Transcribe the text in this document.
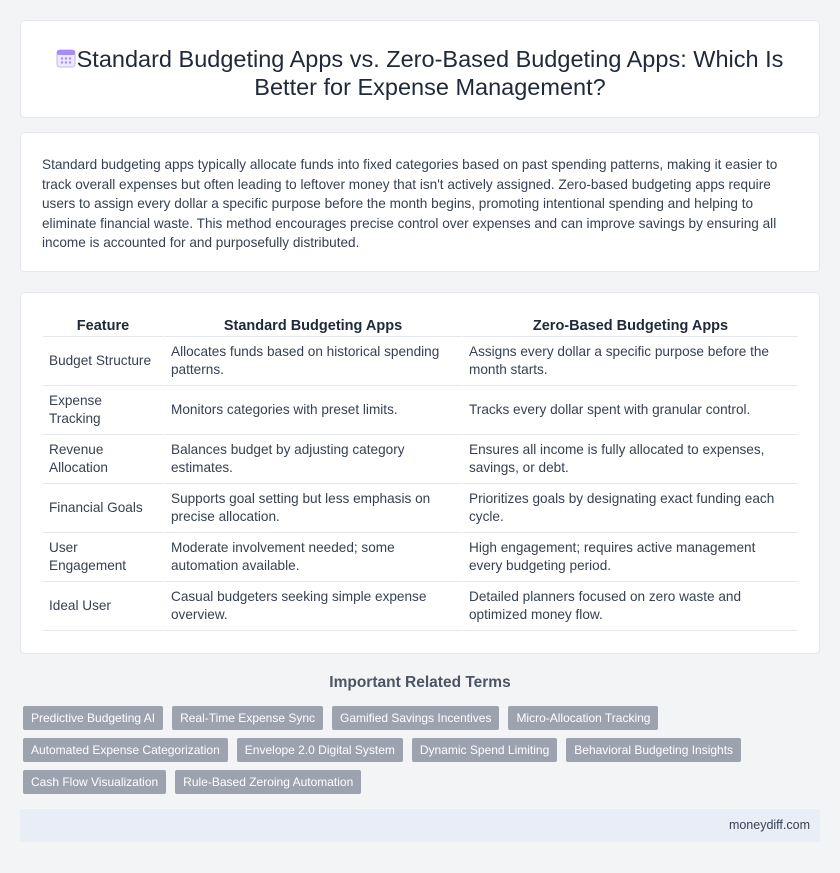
Standard Budgeting Apps vs. Zero-Based Budgeting Apps: Which Is Better for Expense Management?

Standard budgeting apps typically allocate funds into fixed categories based on past spending patterns, making it easier to track overall expenses but often leading to leftover money that isn't actively assigned. Zero-based budgeting apps require users to assign every dollar a specific purpose before the month begins, promoting intentional spending and helping to eliminate financial waste. This method encourages precise control over expenses and can improve savings by ensuring all income is accounted for and purposefully distributed.

Feature	Standard Budgeting Apps	Zero-Based Budgeting Apps
Budget Structure	Allocates funds based on historical spending patterns.	Assigns every dollar a specific purpose before the month starts.
Expense Tracking	Monitors categories with preset limits.	Tracks every dollar spent with granular control.
Revenue Allocation	Balances budget by adjusting category estimates.	Ensures all income is fully allocated to expenses, savings, or debt.
Financial Goals	Supports goal setting but less emphasis on precise allocation.	Prioritizes goals by designating exact funding each cycle.
User Engagement	Moderate involvement needed; some automation available.	High engagement; requires active management every budgeting period.
Ideal User	Casual budgeters seeking simple expense overview.	Detailed planners focused on zero waste and optimized money flow.
Important Related Terms
Predictive Budgeting AI	Real-Time Expense Sync	Gamified Savings Incentives	Micro-Allocation Tracking
Automated Expense Categorization	Envelope 2.0 Digital System	Dynamic Spend Limiting	Behavioral Budgeting Insights
Cash Flow Visualization	Rule-Based Zeroing Automation
moneydiff.com
